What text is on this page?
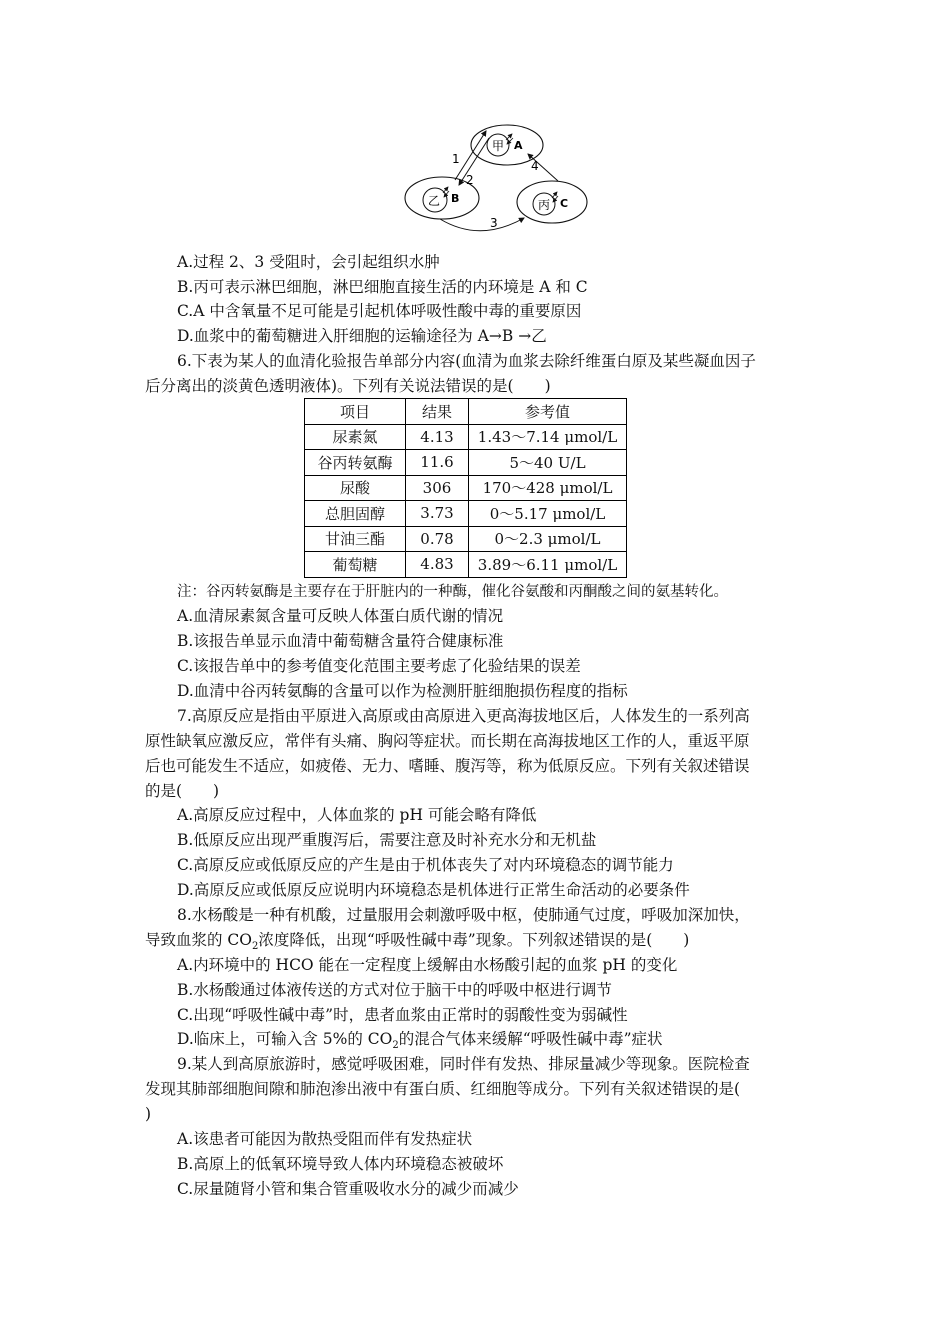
甲 A
乙 B	丙 C
1
2
3
4
A.过程 2、3 受阻时，会引起组织水肿
B.丙可表示淋巴细胞，淋巴细胞直接生活的内环境是 A 和 C
C.A 中含氧量不足可能是引起机体呼吸性酸中毒的重要原因
D.血浆中的葡萄糖进入肝细胞的运输途径为 A→B →乙
6.下表为某人的血清化验报告单部分内容(血清为血浆去除纤维蛋白原及某些凝血因子
后分离出的淡黄色透明液体)。下列有关说法错误的是(　　)
项目	结果	参考值
尿素氮	4.13	1.43～7.14 μmol/L
谷丙转氨酶	11.6	5～40 U/L
尿酸	306	170～428 μmol/L
总胆固醇	3.73	0～5.17 μmol/L
甘油三酯	0.78	0～2.3 μmol/L
葡萄糖	4.83	3.89～6.11 μmol/L
注：谷丙转氨酶是主要存在于肝脏内的一种酶，催化谷氨酸和丙酮酸之间的氨基转化。
A.血清尿素氮含量可反映人体蛋白质代谢的情况
B.该报告单显示血清中葡萄糖含量符合健康标准
C.该报告单中的参考值变化范围主要考虑了化验结果的误差
D.血清中谷丙转氨酶的含量可以作为检测肝脏细胞损伤程度的指标
7.高原反应是指由平原进入高原或由高原进入更高海拔地区后，人体发生的一系列高
原性缺氧应激反应，常伴有头痛、胸闷等症状。而长期在高海拔地区工作的人，重返平原
后也可能发生不适应，如疲倦、无力、嗜睡、腹泻等，称为低原反应。下列有关叙述错误
的是(　　)
A.高原反应过程中，人体血浆的 pH 可能会略有降低
B.低原反应出现严重腹泻后，需要注意及时补充水分和无机盐
C.高原反应或低原反应的产生是由于机体丧失了对内环境稳态的调节能力
D.高原反应或低原反应说明内环境稳态是机体进行正常生命活动的必要条件
8.水杨酸是一种有机酸，过量服用会刺激呼吸中枢，使肺通气过度，呼吸加深加快，
导致血浆的 $CO_2$浓度降低，出现“呼吸性碱中毒”现象。下列叙述错误的是(　　)
A.内环境中的 HCO 能在一定程度上缓解由水杨酸引起的血浆 pH 的变化
B.水杨酸通过体液传送的方式对位于脑干中的呼吸中枢进行调节
C.出现“呼吸性碱中毒”时，患者血浆由正常时的弱酸性变为弱碱性
D.临床上，可输入含 5%的 $CO_2$的混合气体来缓解“呼吸性碱中毒”症状
9.某人到高原旅游时，感觉呼吸困难，同时伴有发热、排尿量减少等现象。医院检查
发现其肺部细胞间隙和肺泡渗出液中有蛋白质、红细胞等成分。下列有关叙述错误的是(
)
A.该患者可能因为散热受阻而伴有发热症状
B.高原上的低氧环境导致人体内环境稳态被破坏
C.尿量随肾小管和集合管重吸收水分的减少而减少
